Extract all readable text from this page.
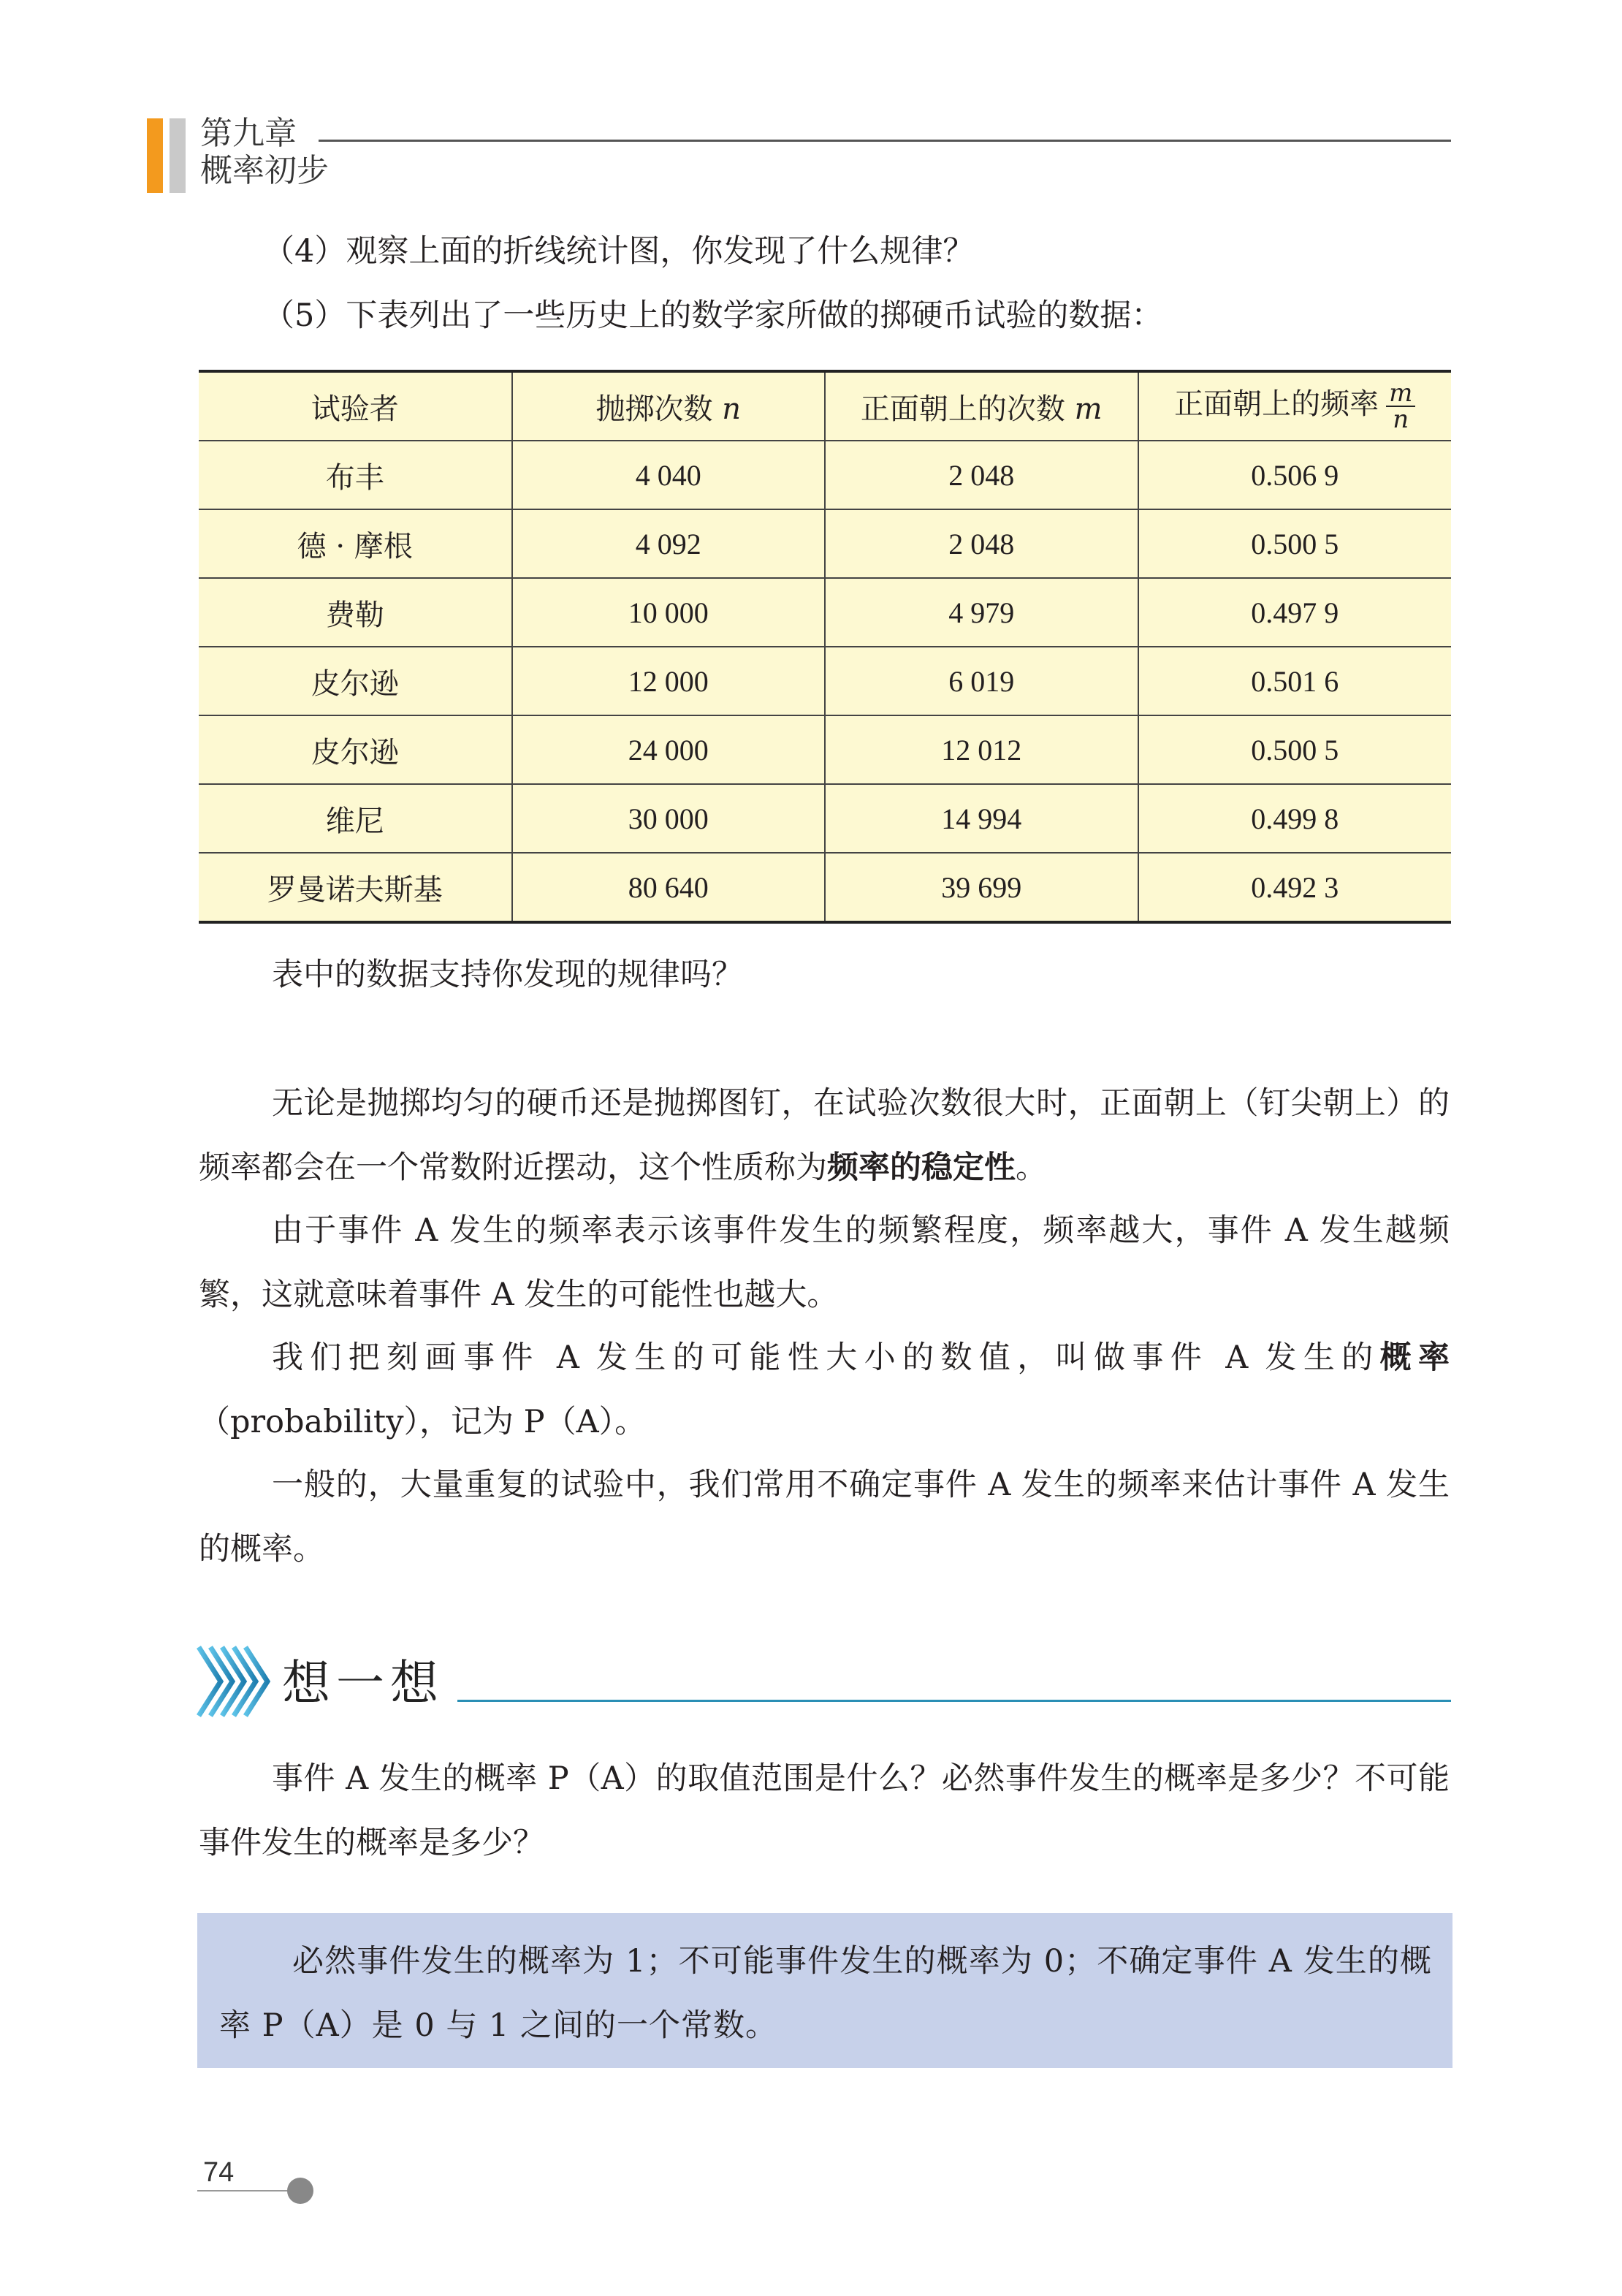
第九章
概率初步
（4）观察上面的折线统计图，你发现了什么规律？
（5）下表列出了一些历史上的数学家所做的掷硬币试验的数据：
试验者	抛掷次数 n	正面朝上的次数 m	正面朝上的频率 $\frac{m}{n}$

布丰	4 040	2 048	0.506 9
德 · 摩根	4 092	2 048	0.500 5
费勒	10 000	4 979	0.497 9
皮尔逊	12 000	6 019	0.501 6
皮尔逊	24 000	12 012	0.500 5
维尼	30 000	14 994	0.499 8
罗曼诺夫斯基	80 640	39 699	0.492 3
表中的数据支持你发现的规律吗？
无论是抛掷均匀的硬币还是抛掷图钉，在试验次数很大时，正面朝上（钉尖朝上）的频率都会在一个常数附近摆动，这个性质称为频率的稳定性。
由于事件 A 发生的频率表示该事件发生的频繁程度，频率越大，事件 A 发生越频繁，这就意味着事件 A 发生的可能性也越大。
我们把刻画事件 A 发生的可能性大小的数值，叫做事件 A 发生的概率（probability），记为 P（A）。
一般的，大量重复的试验中，我们常用不确定事件 A 发生的频率来估计事件 A 发生的概率。
想一想
事件 A 发生的概率 P（A）的取值范围是什么？必然事件发生的概率是多少？不可能事件发生的概率是多少？
必然事件发生的概率为 1；不可能事件发生的概率为 0；不确定事件 A 发生的概率 P（A）是 0 与 1 之间的一个常数。
74
